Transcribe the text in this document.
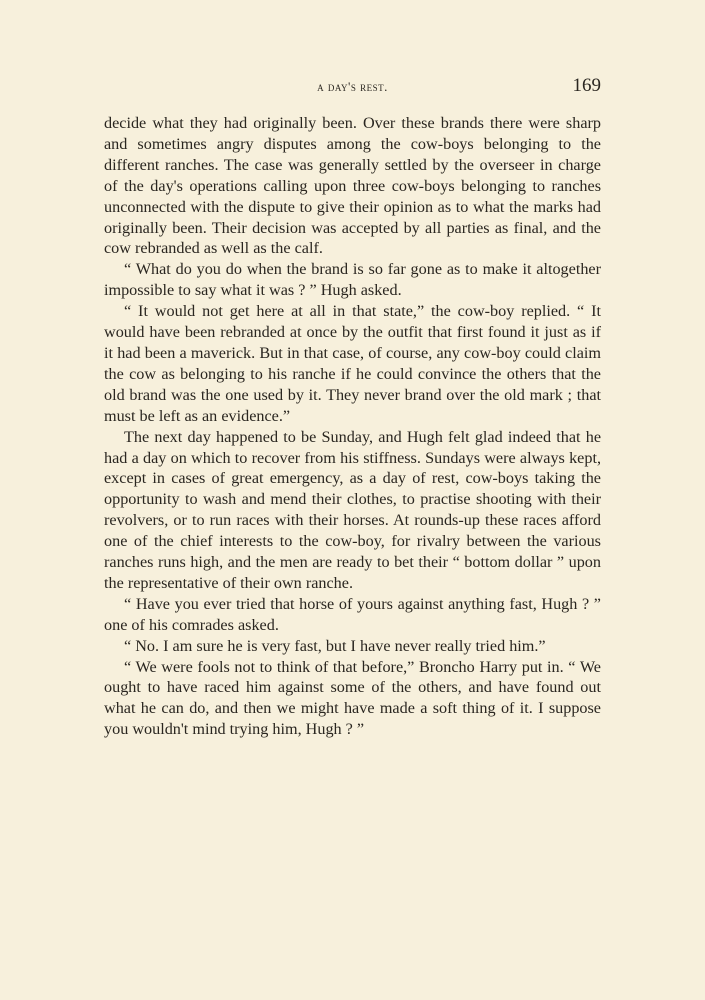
a day's rest.	169

decide what they had originally been. Over these brands there were sharp and sometimes angry disputes among the cow-boys belonging to the different ranches. The case was generally settled by the overseer in charge of the day's operations calling upon three cow-boys belonging to ranches unconnected with the dispute to give their opinion as to what the marks had originally been. Their decision was accepted by all parties as final, and the cow rebranded as well as the calf.

“ What do you do when the brand is so far gone as to make it altogether impossible to say what it was ? ” Hugh asked.

“ It would not get here at all in that state,” the cow-boy replied. “ It would have been rebranded at once by the outfit that first found it just as if it had been a maverick. But in that case, of course, any cow-boy could claim the cow as belonging to his ranche if he could convince the others that the old brand was the one used by it. They never brand over the old mark ; that must be left as an evidence.”

The next day happened to be Sunday, and Hugh felt glad indeed that he had a day on which to recover from his stiffness. Sundays were always kept, except in cases of great emergency, as a day of rest, cow-boys taking the opportunity to wash and mend their clothes, to practise shooting with their revolvers, or to run races with their horses. At rounds-up these races afford one of the chief interests to the cow-boy, for rivalry between the various ranches runs high, and the men are ready to bet their “ bottom dollar ” upon the representative of their own ranche.

“ Have you ever tried that horse of yours against anything fast, Hugh ? ” one of his comrades asked.

“ No. I am sure he is very fast, but I have never really tried him.”

“ We were fools not to think of that before,” Broncho Harry put in. “ We ought to have raced him against some of the others, and have found out what he can do, and then we might have made a soft thing of it. I suppose you wouldn't mind trying him, Hugh ? ”
